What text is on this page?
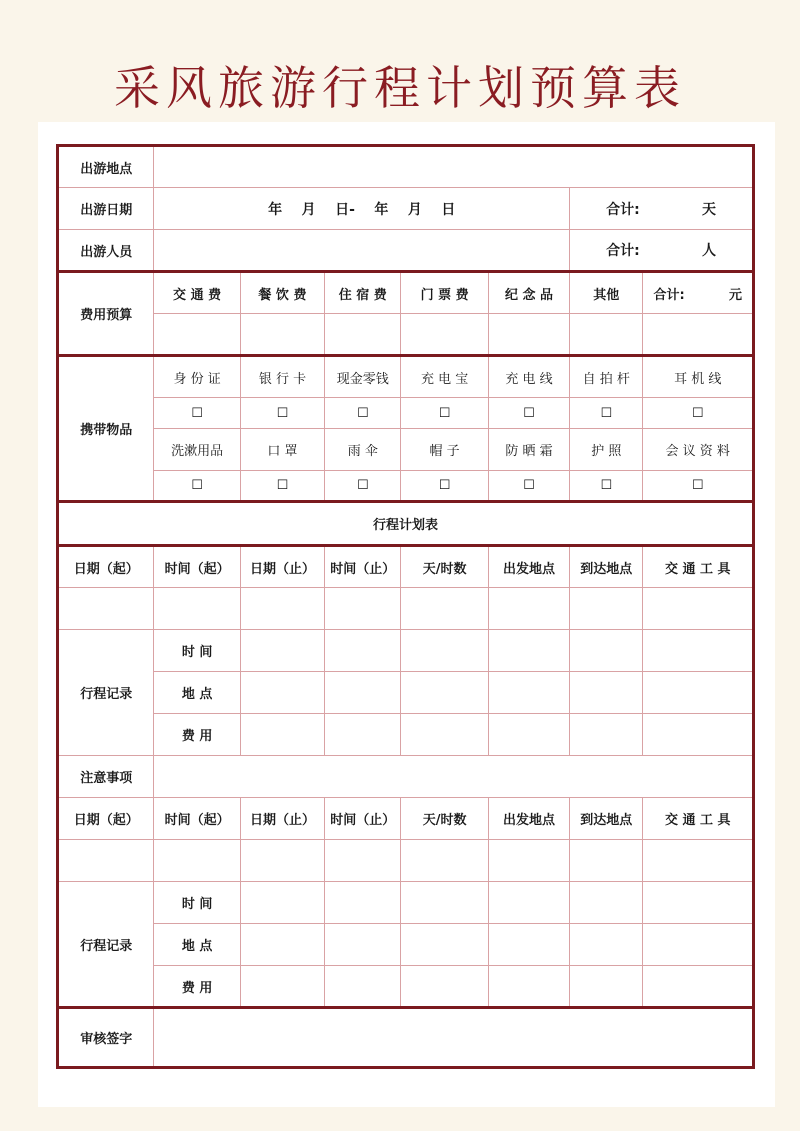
采风旅游行程计划预算表
出游地点							
出游日期	年    月    日-    年    月    日					合计: 天	

出游人员						合计: 人	

费用预算	交 通 费	餐 饮 费	住 宿 费	门 票 费	纪 念 品	其他	合计: 元

携带物品	身 份 证	银 行 卡	现金零钱	充 电 宝	充 电 线	自 拍 杆	耳 机 线
	☐	☐	☐	☐	☐	☐	☐
	洗漱用品	口 罩	雨 伞	帽 子	防 晒 霜	护 照	会 议 资 料
	☐	☐	☐	☐	☐	☐	☐
行程计划表							
日期（起）	时间（起）	日期（止）	时间（止）	天/时数	出发地点	到达地点	交 通 工 具

行程记录	时 间						
	地 点						
	费 用						
注意事项							
日期（起）	时间（起）	日期（止）	时间（止）	天/时数	出发地点	到达地点	交 通 工 具

行程记录	时 间						
	地 点						
	费 用						
审核签字							
